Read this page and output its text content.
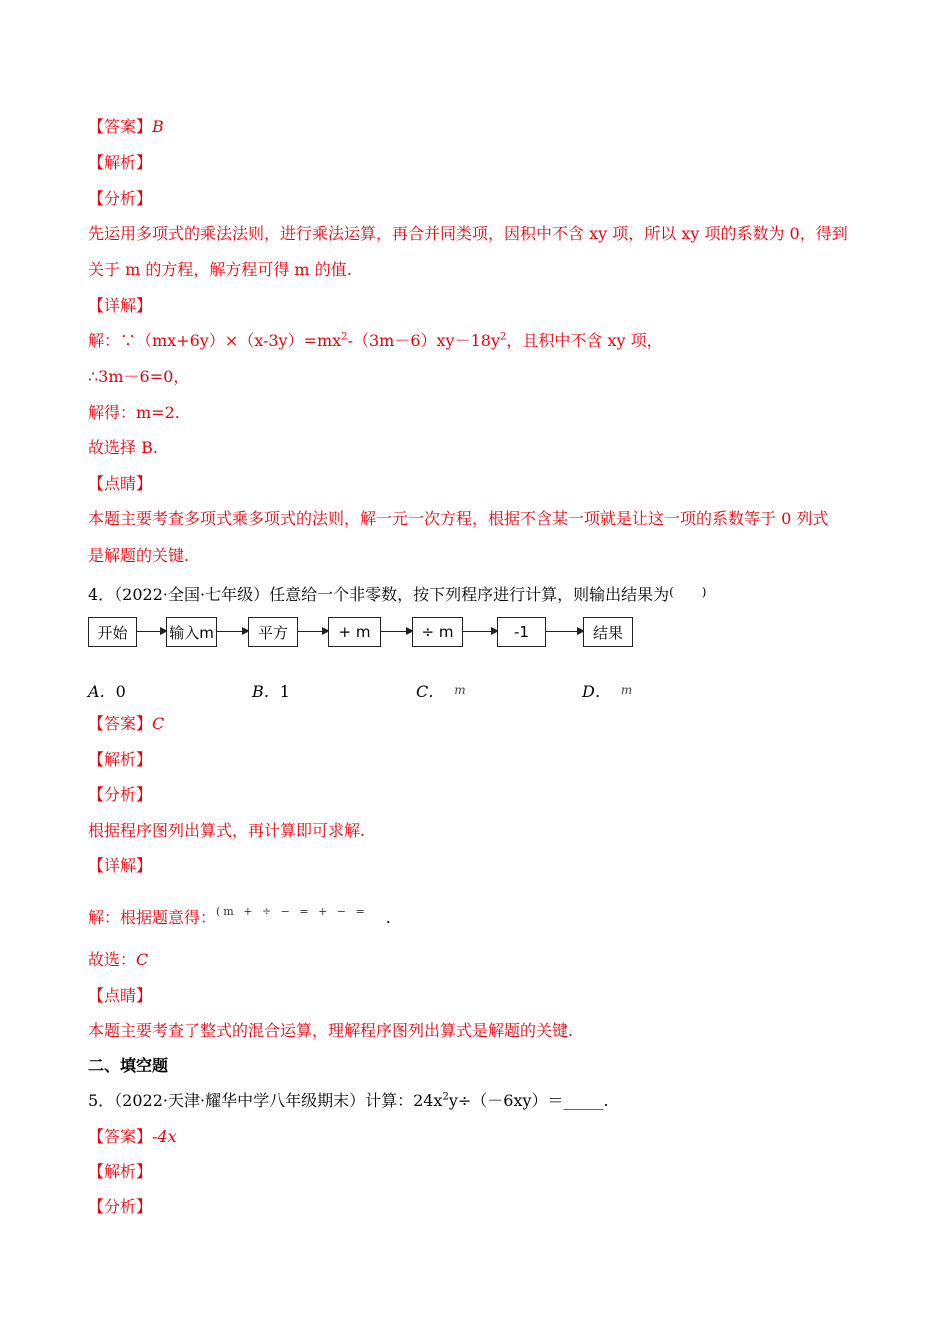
【答案】B
【解析】
【分析】
先运用多项式的乘法法则，进行乘法运算，再合并同类项，因积中不含 xy 项，所以 xy 项的系数为 0，得到
关于 m 的方程，解方程可得 m 的值.
【详解】
解：$\because(mx+6y)\times(x-3y)=mx^2-(3m-6)xy-18y^2$，且积中不含 xy 项，
∴3m－6=0，
解得：m=2.
故选择 B.
【点睛】
本题主要考查多项式乘多项式的法则，解一元一次方程，根据不含某一项就是让这一项的系数等于 0 列式
是解题的关键.
4．（2022·全国·七年级）任意给一个非零数，按下列程序进行计算，则输出结果为( )
开始	输入m	平方	+ m	÷ m	-1	结果
A．0	B．1	C． m	D． m
【答案】C
【解析】
【分析】
根据程序图列出算式，再计算即可求解.
【详解】
解：根据题意得：$^{(m + \div - = + - =}$ .
故选：C
【点睛】
本题主要考查了整式的混合运算，理解程序图列出算式是解题的关键.
二、填空题
5．（2022·天津·耀华中学八年级期末）计算：$24x^2y\div(-6xy)=\_\_\_\_\_$.
【答案】-4x
【解析】
【分析】
